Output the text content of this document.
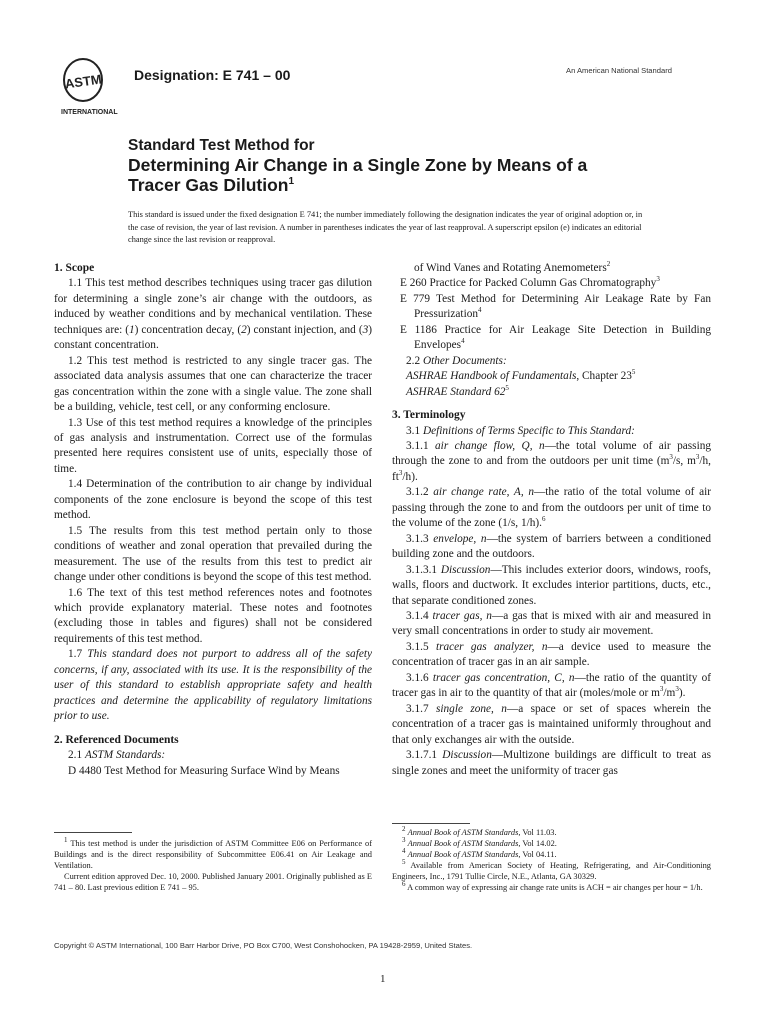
ASTM
INTERNATIONAL
Designation: E 741 – 00	An American National Standard
Standard Test Method for
Determining Air Change in a Single Zone by Means of a
Tracer Gas Dilution$^1$
This standard is issued under the fixed designation E 741; the number immediately following the designation indicates the year of original adoption or, in the case of revision, the year of last revision. A number in parentheses indicates the year of last reapproval. A superscript epsilon (e) indicates an editorial change since the last revision or reapproval.
1. Scope

1.1 This test method describes techniques using tracer gas dilution for determining a single zone’s air change with the outdoors, as induced by weather conditions and by mechanical ventilation. These techniques are: (1) concentration decay, (2) constant injection, and (3) constant concentration.

1.2 This test method is restricted to any single tracer gas. The associated data analysis assumes that one can characterize the tracer gas concentration within the zone with a single value. The zone shall be a building, vehicle, test cell, or any conforming enclosure.

1.3 Use of this test method requires a knowledge of the principles of gas analysis and instrumentation. Correct use of the formulas presented here requires consistent use of units, especially those of time.

1.4 Determination of the contribution to air change by individual components of the zone enclosure is beyond the scope of this test method.

1.5 The results from this test method pertain only to those conditions of weather and zonal operation that prevailed during the measurement. The use of the results from this test to predict air change under other conditions is beyond the scope of this test method.

1.6 The text of this test method references notes and footnotes which provide explanatory material. These notes and footnotes (excluding those in tables and figures) shall not be considered requirements of this test method.

1.7 This standard does not purport to address all of the safety concerns, if any, associated with its use. It is the responsibility of the user of this standard to establish appropriate safety and health practices and determine the applicability of regulatory limitations prior to use.

2. Referenced Documents

2.1 ASTM Standards:

D 4480 Test Method for Measuring Surface Wind by Means

of Wind Vanes and Rotating Anemometers$^2$

E 260 Practice for Packed Column Gas Chromatography$^3$

E 779 Test Method for Determining Air Leakage Rate by Fan Pressurization$^4$

E 1186 Practice for Air Leakage Site Detection in Building Envelopes$^4$

2.2 Other Documents:

ASHRAE Handbook of Fundamentals, Chapter $23^5$

ASHRAE Standard $62^5$

3. Terminology

3.1 Definitions of Terms Specific to This Standard:

3.1.1 air change flow, Q, n—the total volume of air passing through the zone to and from the outdoors per unit time ($m^3/s$, $m^3/h$, $ft^3/h$).

3.1.2 air change rate, A, n—the ratio of the total volume of air passing through the zone to and from the outdoors per unit of time to the volume of the zone (1/s, 1/h).$^6$

3.1.3 envelope, n—the system of barriers between a conditioned building zone and the outdoors.

3.1.3.1 Discussion—This includes exterior doors, windows, roofs, walls, floors and ductwork. It excludes interior partitions, ducts, etc., that separate conditioned zones.

3.1.4 tracer gas, n—a gas that is mixed with air and measured in very small concentrations in order to study air movement.

3.1.5 tracer gas analyzer, n—a device used to measure the concentration of tracer gas in an air sample.

3.1.6 tracer gas concentration, C, n—the ratio of the quantity of tracer gas in air to the quantity of that air (moles/mole or $m^3/m^3$).

3.1.7 single zone, n—a space or set of spaces wherein the concentration of a tracer gas is maintained uniformly throughout and that only exchanges air with the outside.

3.1.7.1 Discussion—Multizone buildings are difficult to treat as single zones and meet the uniformity of tracer gas

$^1$ This test method is under the jurisdiction of ASTM Committee E06 on Performance of Buildings and is the direct responsibility of Subcommittee E06.41 on Air Leakage and Ventilation.

Current edition approved Dec. 10, 2000. Published January 2001. Originally published as E 741 – 80. Last previous edition E 741 – 95.

$^2$ Annual Book of ASTM Standards, Vol 11.03.

$^3$ Annual Book of ASTM Standards, Vol 14.02.

$^4$ Annual Book of ASTM Standards, Vol 04.11.

$^5$ Available from American Society of Heating, Refrigerating, and Air-Conditioning Engineers, Inc., 1791 Tullie Circle, N.E., Atlanta, GA 30329.

$^6$ A common way of expressing air change rate units is ACH = air changes per hour = 1/h.

Copyright © ASTM International, 100 Barr Harbor Drive, PO Box C700, West Conshohocken, PA 19428-2959, United States.
1
